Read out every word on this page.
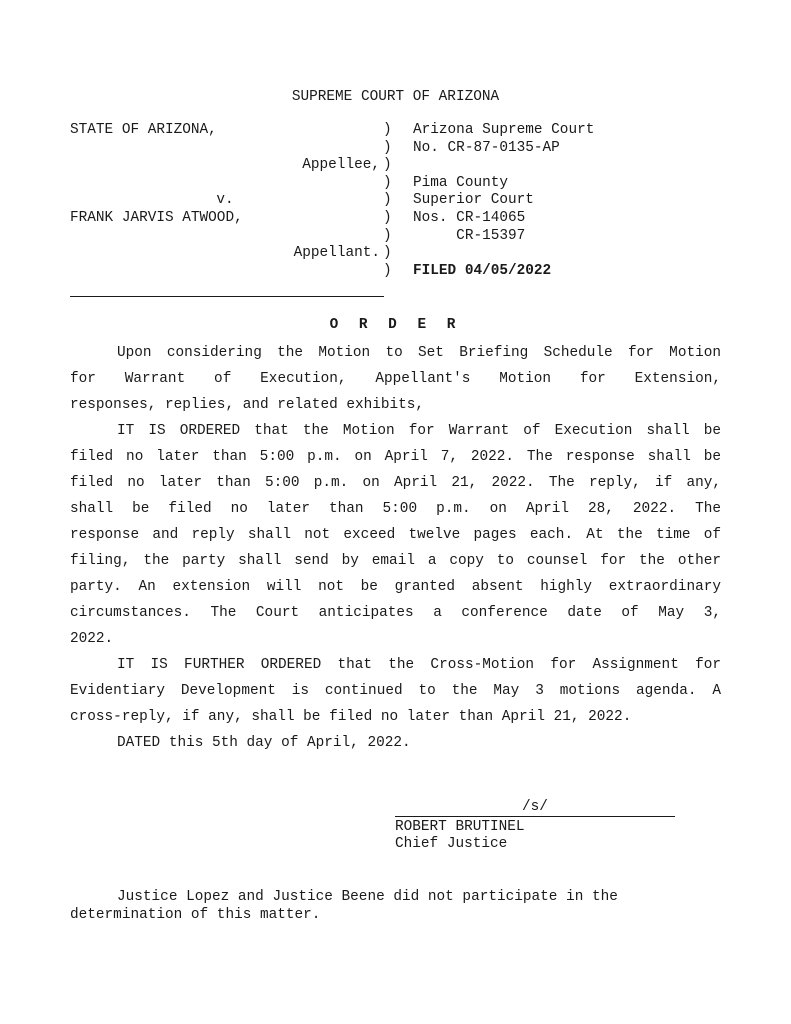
SUPREME COURT OF ARIZONA
STATE OF ARIZONA,
Appellee,
v.
FRANK JARVIS ATWOOD,
Appellant.
)
)
)
)
)
)
)
)
)
Arizona Supreme Court
No. CR-87-0135-AP
Pima County
Superior Court
Nos. CR-14065
CR-15397
FILED 04/05/2022
O R D E R
Upon considering the Motion to Set Briefing Schedule for Motion
for Warrant of Execution, Appellant's Motion for Extension,
responses, replies, and related exhibits,
IT IS ORDERED that the Motion for Warrant of Execution shall be
filed no later than 5:00 p.m. on April 7, 2022. The response shall be
filed no later than 5:00 p.m. on April 21, 2022. The reply, if any,
shall be filed no later than 5:00 p.m. on April 28, 2022. The
response and reply shall not exceed twelve pages each. At the time of
filing, the party shall send by email a copy to counsel for the other
party. An extension will not be granted absent highly extraordinary
circumstances. The Court anticipates a conference date of May 3,
2022.
IT IS FURTHER ORDERED that the Cross-Motion for Assignment for
Evidentiary Development is continued to the May 3 motions agenda. A
cross-reply, if any, shall be filed no later than April 21, 2022.
DATED this 5th day of April, 2022.
/s/
ROBERT BRUTINEL
Chief Justice
Justice Lopez and Justice Beene did not participate in the
determination of this matter.
